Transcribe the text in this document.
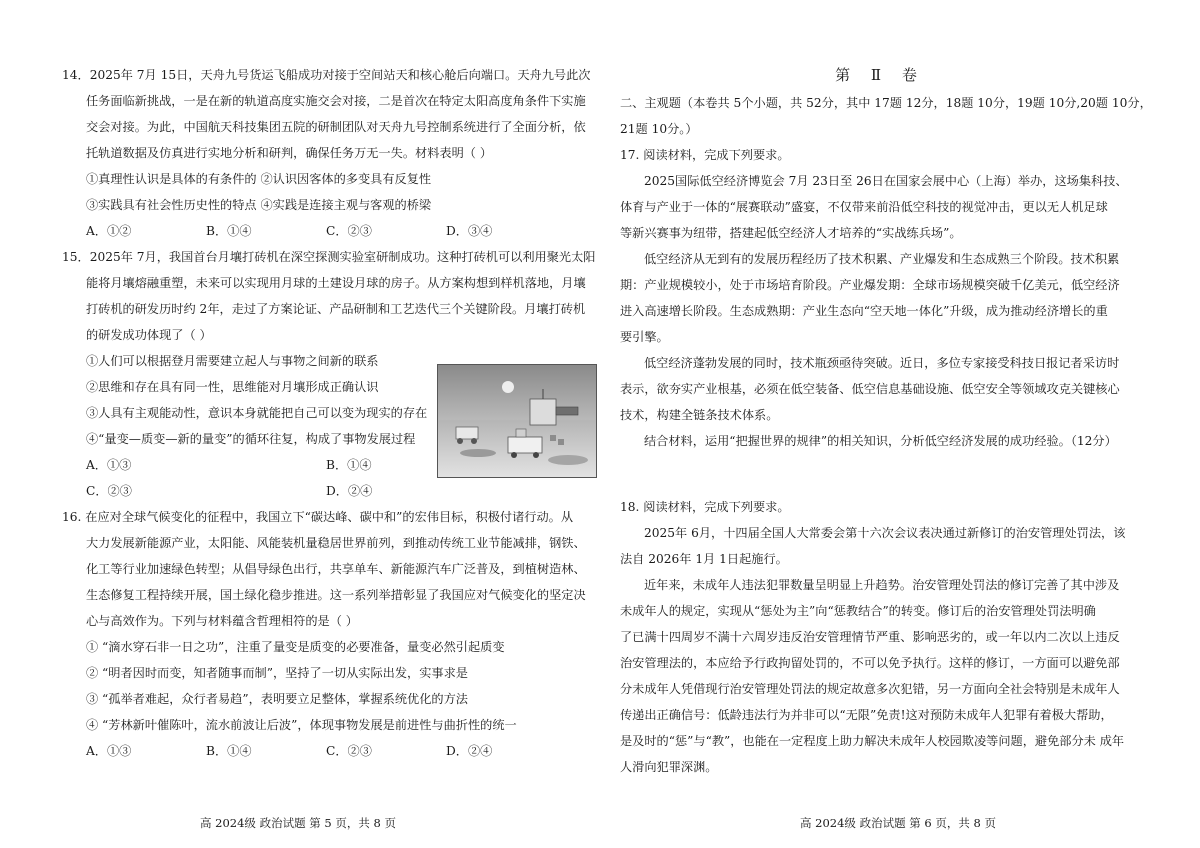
14．2025年 7月 15日，天舟九号货运飞船成功对接于空间站天和核心舱后向端口。天舟九号此次

任务面临新挑战，一是在新的轨道高度实施交会对接，二是首次在特定太阳高度角条件下实施

交会对接。为此，中国航天科技集团五院的研制团队对天舟九号控制系统进行了全面分析，依

托轨道数据及仿真进行实地分析和研判，确保任务万无一失。材料表明（ ）

①真理性认识是具体的有条件的 ②认识因客体的多变具有反复性

③实践具有社会性历史性的特点 ④实践是连接主观与客观的桥梁

A．①②	B．①④	C．②③	D．③④

15．2025年 7月，我国首台月壤打砖机在深空探测实验室研制成功。这种打砖机可以利用聚光太阳

能将月壤熔融重塑，未来可以实现用月球的土建设月球的房子。从方案构想到样机落地，月壤

打砖机的研发历时约 2年，走过了方案论证、产品研制和工艺迭代三个关键阶段。月壤打砖机

的研发成功体现了（ ）

①人们可以根据登月需要建立起人与事物之间新的联系

②思维和存在具有同一性，思维能对月壤形成正确认识

③人具有主观能动性，意识本身就能把自己可以变为现实的存在

④“量变—质变—新的量变”的循环往复，构成了事物发展过程

A．①③	B．①④
C．②③	D．②④

16. 在应对全球气候变化的征程中，我国立下“碳达峰、碳中和”的宏伟目标，积极付诸行动。从

大力发展新能源产业，太阳能、风能装机量稳居世界前列，到推动传统工业节能减排，钢铁、

化工等行业加速绿色转型；从倡导绿色出行，共享单车、新能源汽车广泛普及，到植树造林、

生态修复工程持续开展，国土绿化稳步推进。这一系列举措彰显了我国应对气候变化的坚定决

心与高效作为。下列与材料蕴含哲理相符的是（ ）

① “滴水穿石非一日之功”，注重了量变是质变的必要准备，量变必然引起质变

② “明者因时而变，知者随事而制”，坚持了一切从实际出发，实事求是

③ “孤举者难起，众行者易趋”，表明要立足整体，掌握系统优化的方法

④ “芳林新叶催陈叶，流水前波让后波”，体现事物发展是前进性与曲折性的统一

A．①③	B．①④	C．②③	D．②④
高 2024级 政治试题 第 5 页，共 8 页

第 Ⅱ 卷

二、主观题（本卷共 5个小题，共 52分，其中 17题 12分，18题 10分，19题 10分,20题 10分，

21题 10分。）

17. 阅读材料，完成下列要求。

2025国际低空经济博览会 7月 23日至 26日在国家会展中心（上海）举办，这场集科技、

体育与产业于一体的“展赛联动”盛宴，不仅带来前沿低空科技的视觉冲击，更以无人机足球

等新兴赛事为纽带，搭建起低空经济人才培养的“实战练兵场”。

低空经济从无到有的发展历程经历了技术积累、产业爆发和生态成熟三个阶段。技术积累

期：产业规模较小，处于市场培育阶段。产业爆发期：全球市场规模突破千亿美元，低空经济

进入高速增长阶段。生态成熟期：产业生态向“空天地一体化”升级，成为推动经济增长的重

要引擎。

低空经济蓬勃发展的同时，技术瓶颈亟待突破。近日，多位专家接受科技日报记者采访时

表示，欲夯实产业根基，必须在低空装备、低空信息基础设施、低空安全等领域攻克关键核心

技术，构建全链条技术体系。

结合材料，运用“把握世界的规律”的相关知识，分析低空经济发展的成功经验。（12分）

18. 阅读材料，完成下列要求。

2025年 6月，十四届全国人大常委会第十六次会议表决通过新修订的治安管理处罚法，该

法自 2026年 1月 1日起施行。

近年来，未成年人违法犯罪数量呈明显上升趋势。治安管理处罚法的修订完善了其中涉及

未成年人的规定，实现从“惩处为主”向“惩教结合”的转变。修订后的治安管理处罚法明确

了已满十四周岁不满十六周岁违反治安管理情节严重、影响恶劣的，或一年以内二次以上违反

治安管理法的，本应给予行政拘留处罚的，不可以免予执行。这样的修订，一方面可以避免部

分未成年人凭借现行治安管理处罚法的规定故意多次犯错，另一方面向全社会特别是未成年人

传递出正确信号：低龄违法行为并非可以“无限”免责!这对预防未成年人犯罪有着极大帮助，

是及时的“惩”与“教”，也能在一定程度上助力解决未成年人校园欺凌等问题，避免部分未 成年

人滑向犯罪深渊。

高 2024级 政治试题 第 6 页，共 8 页
